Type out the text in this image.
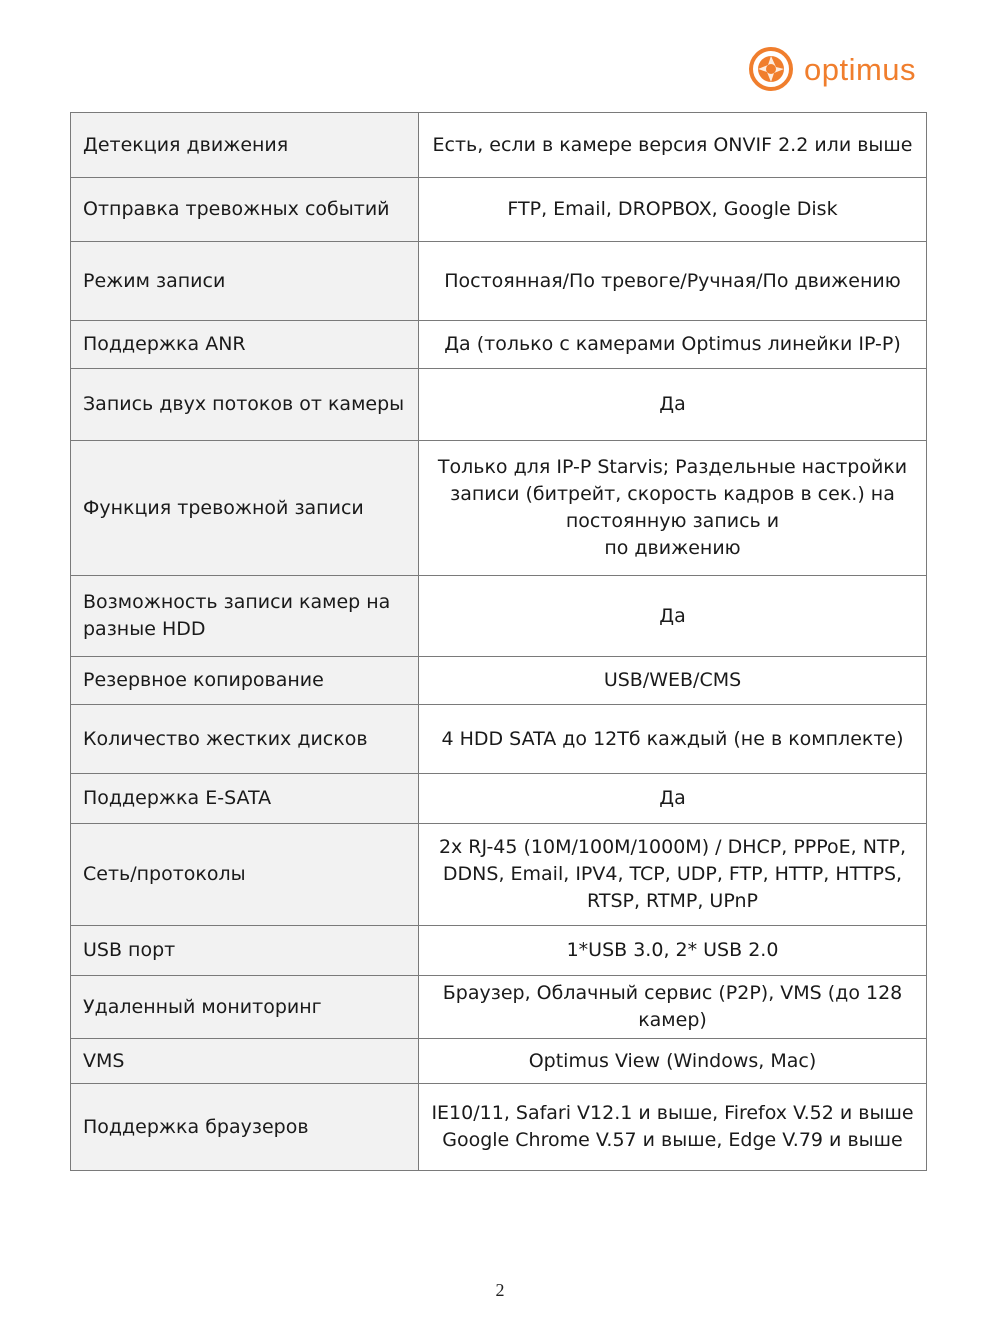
optimus
Детекция движения	Есть, если в камере версия ONVIF 2.2 или выше

Отправка тревожных событий	FTP, Email, DROPBOX, Google Disk

Режим записи	Постоянная/По тревоге/Ручная/По движению

Поддержка ANR	Да (только с камерами Optimus линейки IP-P)

Запись двух потоков от камеры	Да

Функция тревожной записи	Только для IP-P Starvis; Раздельные настройки
записи (битрейт, скорость кадров в сек.) на
постоянную запись и
по движению

Возможность записи камер на разные HDD	Да

Резервное копирование	USB/WEB/CMS

Количество жестких дисков	4 HDD SATA до 12Тб каждый (не в комплекте)

Поддержка E-SATA	Да

Сеть/протоколы	2x RJ-45 (10M/100M/1000M) / DHCP, PPPoE, NTP,
DDNS, Email, IPV4, TCP, UDP, FTP, HTTP, HTTPS,
RTSP, RTMP, UPnP

USB порт	1*USB 3.0, 2* USB 2.0

Удаленный мониторинг	Браузер, Облачный сервис (P2P), VMS (до 128
камер)

VMS	Optimus View (Windows, Mac)

Поддержка браузеров	IE10/11, Safari V12.1 и выше, Firefox V.52 и выше
Google Chrome V.57 и выше, Edge V.79 и выше
2
